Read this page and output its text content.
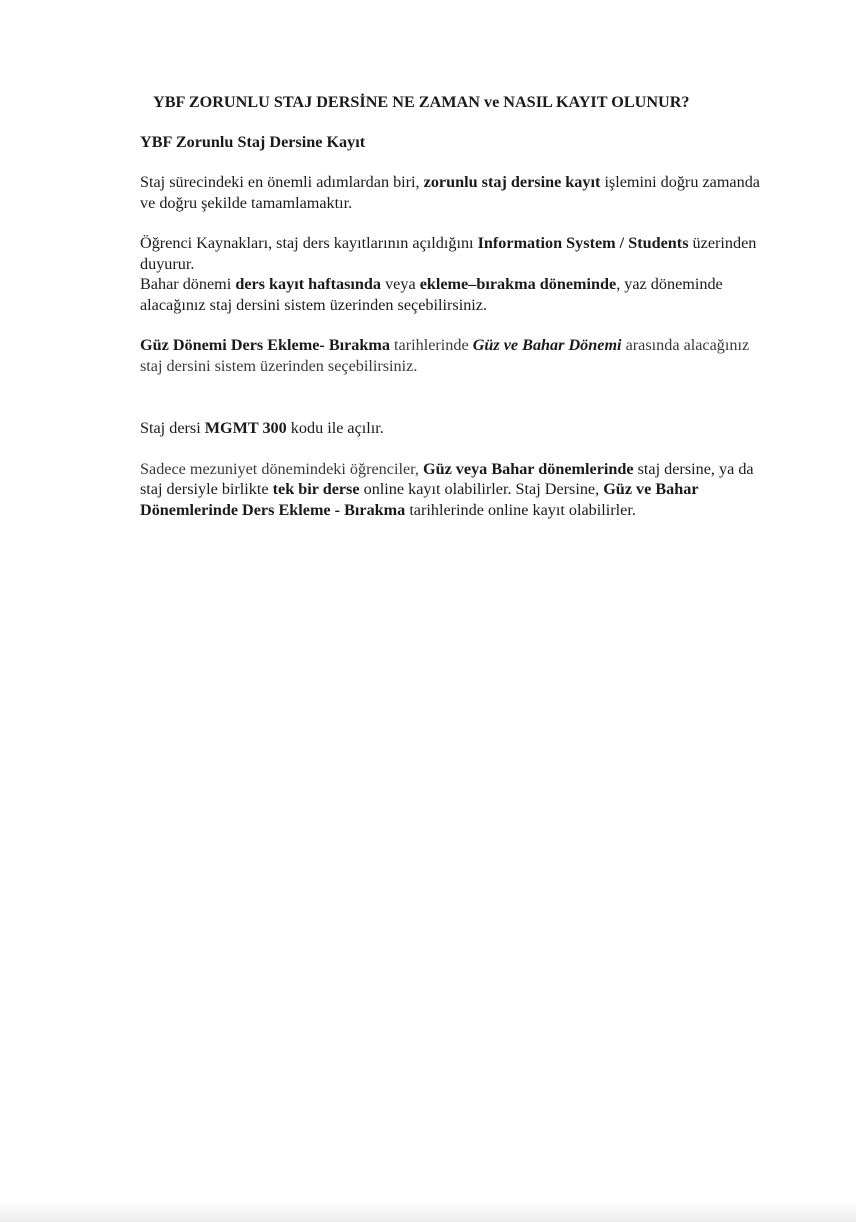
YBF ZORUNLU STAJ DERSİNE NE ZAMAN ve NASIL KAYIT OLUNUR?
YBF Zorunlu Staj Dersine Kayıt

Staj sürecindeki en önemli adımlardan biri, zorunlu staj dersine kayıt işlemini doğru zamanda ve doğru şekilde tamamlamaktır.

Öğrenci Kaynakları, staj ders kayıtlarının açıldığını Information System / Students üzerinden duyurur.

Bahar dönemi ders kayıt haftasında veya ekleme–bırakma döneminde, yaz döneminde alacağınız staj dersini sistem üzerinden seçebilirsiniz.

Güz Dönemi Ders Ekleme- Bırakma tarihlerinde Güz ve Bahar Dönemi arasında alacağınız staj dersini sistem üzerinden seçebilirsiniz.

Staj dersi MGMT 300 kodu ile açılır.

Sadece mezuniyet dönemindeki öğrenciler, Güz veya Bahar dönemlerinde staj dersine, ya da staj dersiyle birlikte tek bir derse online kayıt olabilirler. Staj Dersine, Güz ve Bahar Dönemlerinde Ders Ekleme - Bırakma tarihlerinde online kayıt olabilirler.
